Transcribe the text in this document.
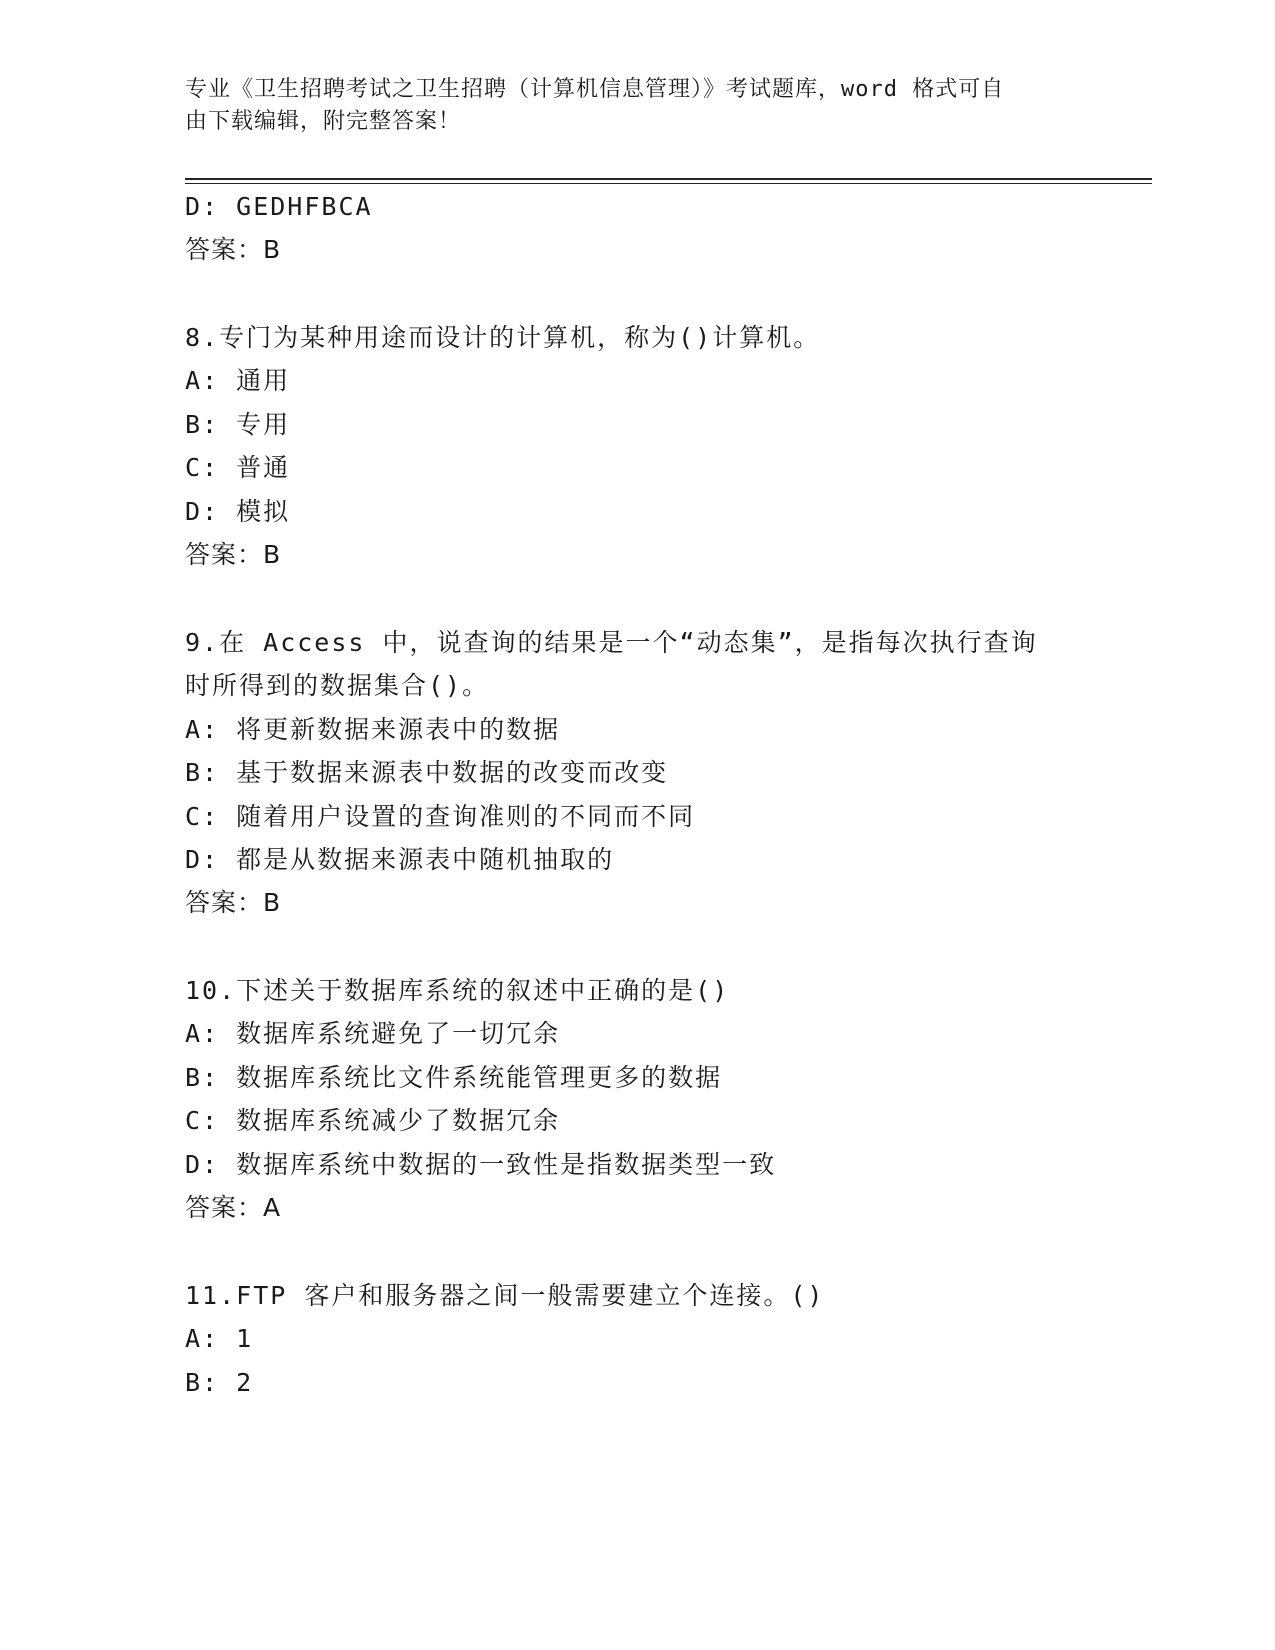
专业《卫生招聘考试之卫生招聘（计算机信息管理）》考试题库，word 格式可自
由下载编辑，附完整答案！
D: GEDHFBCA
答案：B
8.专门为某种用途而设计的计算机，称为()计算机。
A: 通用
B: 专用
C: 普通
D: 模拟
答案：B
9.在 Access 中，说查询的结果是一个“动态集”，是指每次执行查询
时所得到的数据集合()。
A: 将更新数据来源表中的数据
B: 基于数据来源表中数据的改变而改变
C: 随着用户设置的查询准则的不同而不同
D: 都是从数据来源表中随机抽取的
答案：B
10.下述关于数据库系统的叙述中正确的是()
A: 数据库系统避免了一切冗余
B: 数据库系统比文件系统能管理更多的数据
C: 数据库系统减少了数据冗余
D: 数据库系统中数据的一致性是指数据类型一致
答案：A
11.FTP 客户和服务器之间一般需要建立个连接。()
A: 1
B: 2
